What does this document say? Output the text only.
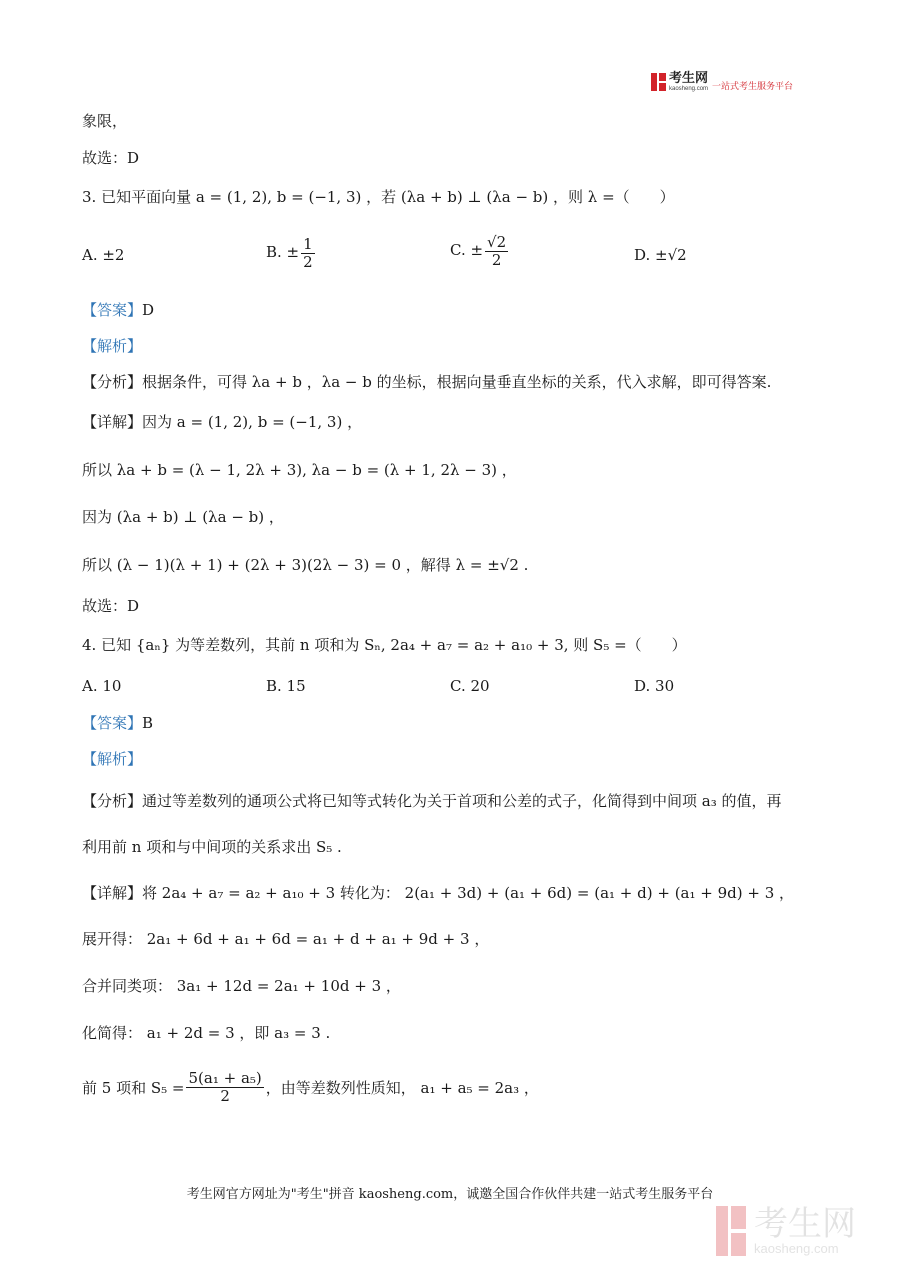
考生网
kaosheng.com 一站式考生服务平台
象限，
故选：D
3. 已知平面向量 a = (1, 2), b = (−1, 3) ，若 (λa + b) ⊥ (λa − b) ，则 λ =（　　）
A. ±2	B. ± $\frac{1}{2}$	C. ± $\frac{√2}{2}$	D. ±√2
【答案】D
【解析】
【分析】根据条件，可得 λa + b ，λa − b 的坐标，根据向量垂直坐标的关系，代入求解，即可得答案.
【详解】因为 a = (1, 2), b = (−1, 3) ，
所以 λa + b = (λ − 1, 2λ + 3), λa − b = (λ + 1, 2λ − 3) ，
因为 (λa + b) ⊥ (λa − b) ，
所以 (λ − 1)(λ + 1) + (2λ + 3)(2λ − 3) = 0 ，解得 λ = ±√2 .
故选：D
4. 已知 {aₙ} 为等差数列，其前 n 项和为 Sₙ, 2a₄ + a₇ = a₂ + a₁₀ + 3, 则 S₅ =（　　）
A. 10	B. 15	C. 20	D. 30
【答案】B
【解析】
【分析】通过等差数列的通项公式将已知等式转化为关于首项和公差的式子，化简得到中间项 a₃ 的值，再
利用前 n 项和与中间项的关系求出 S₅ .
【详解】将 2a₄ + a₇ = a₂ + a₁₀ + 3 转化为： 2(a₁ + 3d) + (a₁ + 6d) = (a₁ + d) + (a₁ + 9d) + 3 ，
展开得： 2a₁ + 6d + a₁ + 6d = a₁ + d + a₁ + 9d + 3 ，
合并同类项： 3a₁ + 12d = 2a₁ + 10d + 3 ，
化简得： a₁ + 2d = 3 ，即 a₃ = 3 .
前 5 项和 $S_5 = \frac{\text{5(a₁ + a₅)}}{2}$ ，由等差数列性质知， a₁ + a₅ = 2a₃ ，
考生网官方网址为"考生"拼音 kaosheng.com，诚邀全国合作伙伴共建一站式考生服务平台
考生网
kaosheng.com
